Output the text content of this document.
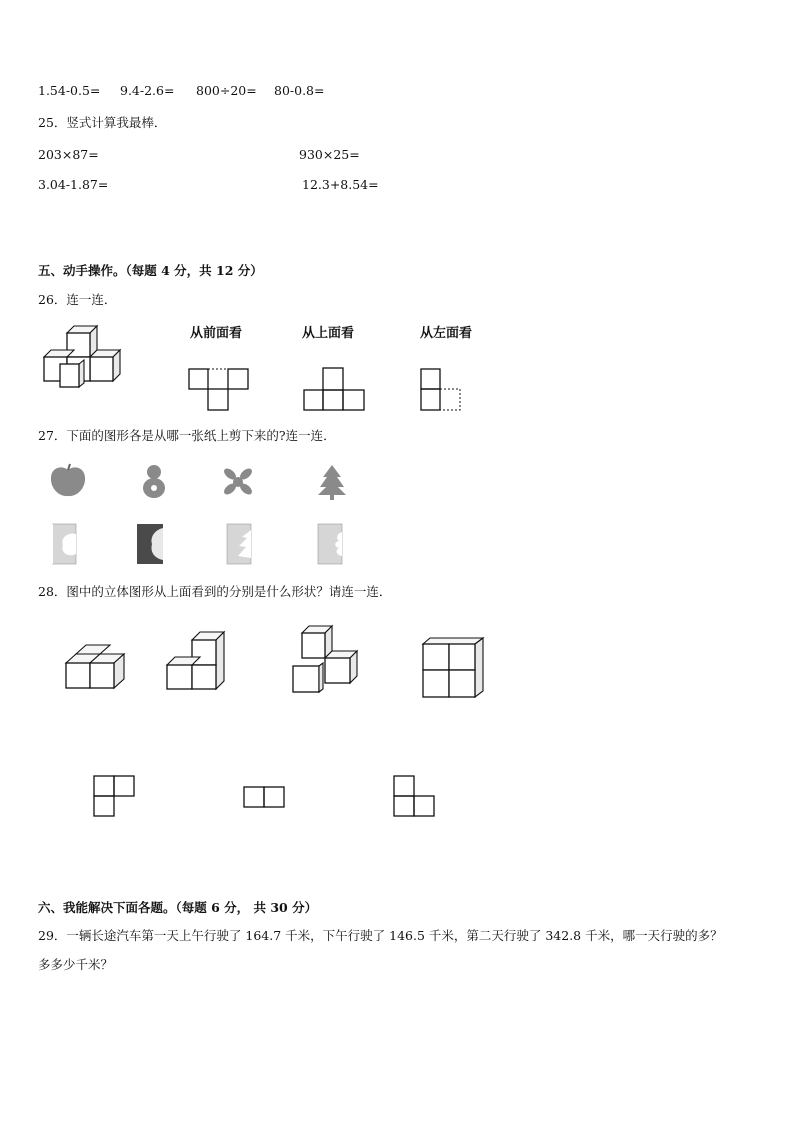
1.54-0.5= 9.4-2.6= 800÷20= 80-0.8=
25．竖式计算我最棒．
203×87=	930×25=
3.04-1.87=	12.3+8.54=
五、动手操作。（每题 4 分，共 12 分）
26．连一连．
从前面看	从上面看	从左面看
27．下面的图形各是从哪一张纸上剪下来的?连一连．
28．图中的立体图形从上面看到的分别是什么形状？请连一连．
六、我能解决下面各题。（每题 6 分， 共 30 分）
29．一辆长途汽车第一天上午行驶了 164.7 千米，下午行驶了 146.5 千米，第二天行驶了 342.8 千米，哪一天行驶的多？
多多少千米？
